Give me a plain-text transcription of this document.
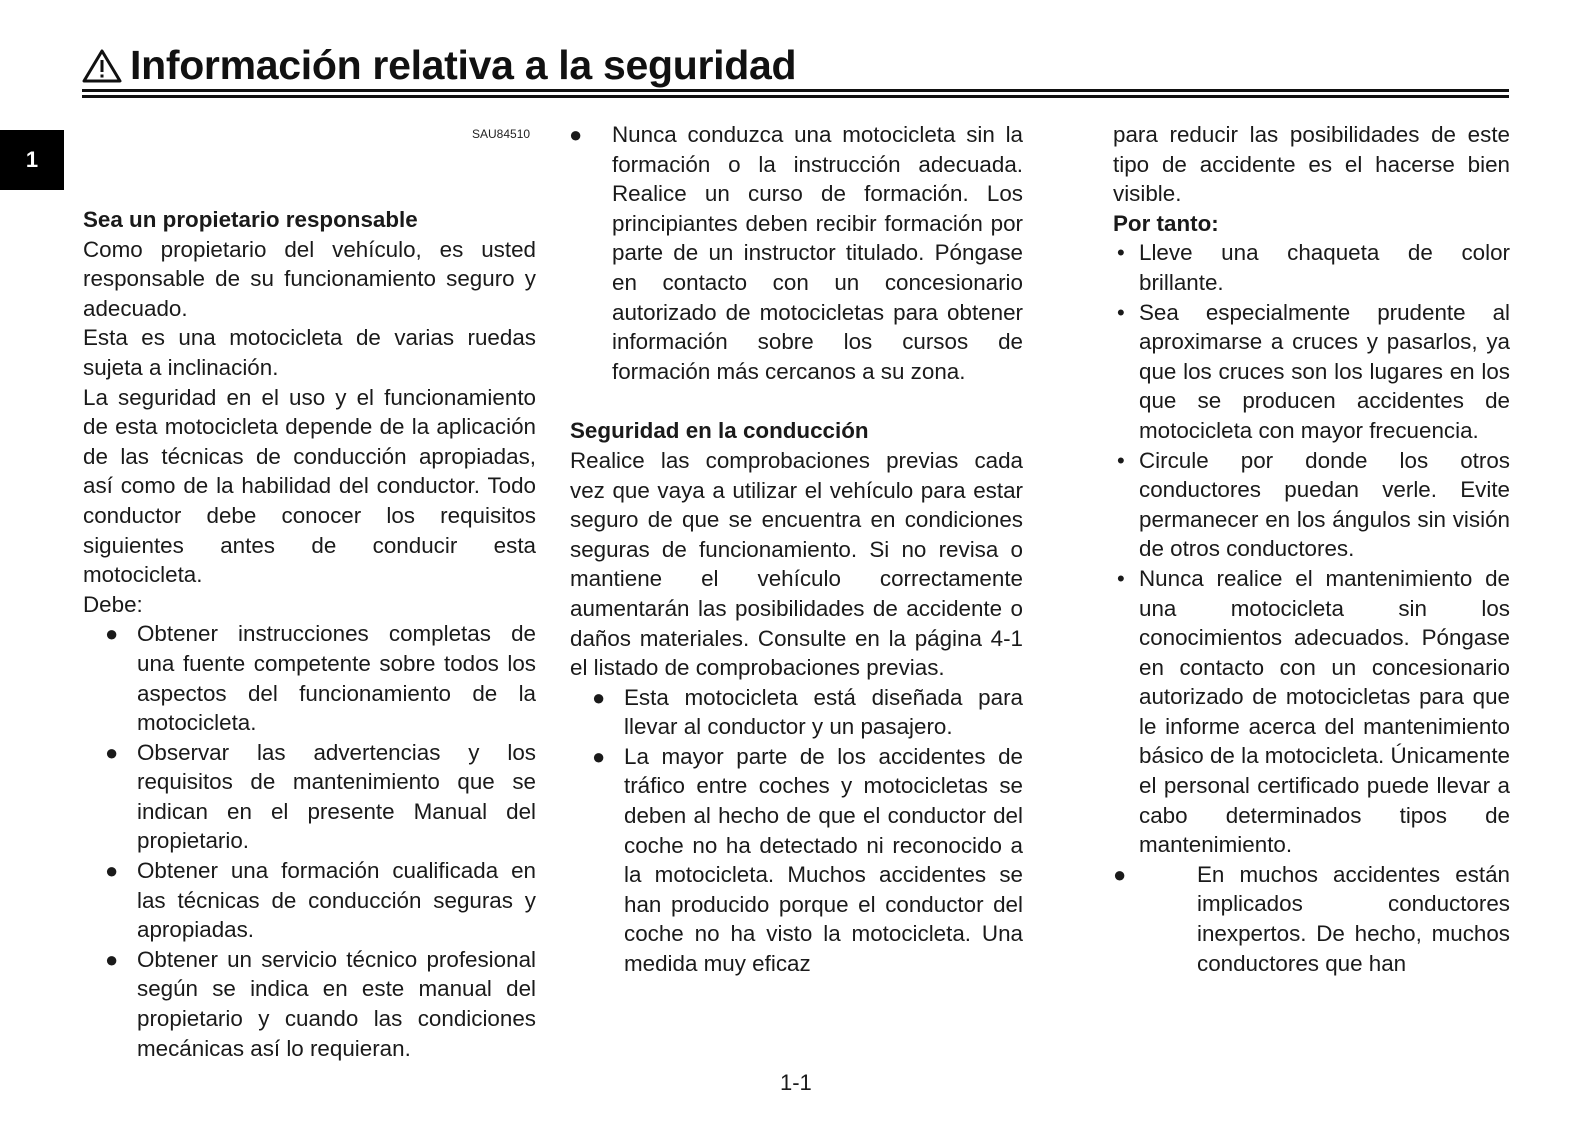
Información relativa a la seguridad
1
SAU84510

Sea un propietario responsable

Como propietario del vehículo, es usted responsable de su funcionamiento seguro y adecuado.

Esta es una motocicleta de varias ruedas sujeta a inclinación.

La seguridad en el uso y el funcionamiento de esta motocicleta depende de la aplicación de las técnicas de conducción apropiadas, así como de la habilidad del conductor. Todo conductor debe conocer los requisitos siguientes antes de conducir esta motocicleta.

Debe:

● Obtener instrucciones completas de una fuente competente sobre todos los aspectos del funcionamiento de la motocicleta.

● Observar las advertencias y los requisitos de mantenimiento que se indican en el presente Manual del propietario.

● Obtener una formación cualificada en las técnicas de conducción seguras y apropiadas.

● Obtener un servicio técnico profesional según se indica en este manual del propietario y cuando las condiciones mecánicas así lo requieran.

● Nunca conduzca una motocicleta sin la formación o la instrucción adecuada. Realice un curso de formación. Los principiantes deben recibir formación por parte de un instructor titulado. Póngase en contacto con un concesionario autorizado de motocicletas para obtener información sobre los cursos de formación más cercanos a su zona.

Seguridad en la conducción

Realice las comprobaciones previas cada vez que vaya a utilizar el vehículo para estar seguro de que se encuentra en condiciones seguras de funcionamiento. Si no revisa o mantiene el vehículo correctamente aumentarán las posibilidades de accidente o daños materiales. Consulte en la página 4-1 el listado de comprobaciones previas.

● Esta motocicleta está diseñada para llevar al conductor y un pasajero.

● La mayor parte de los accidentes de tráfico entre coches y motocicletas se deben al hecho de que el conductor del coche no ha detectado ni reconocido a la motocicleta. Muchos accidentes se han producido porque el conductor del coche no ha visto la motocicleta. Una medida muy eficaz

para reducir las posibilidades de este tipo de accidente es el hacerse bien visible.

Por tanto:

• Lleve una chaqueta de color brillante.

• Sea especialmente prudente al aproximarse a cruces y pasarlos, ya que los cruces son los lugares en los que se producen accidentes de motocicleta con mayor frecuencia.

• Circule por donde los otros conductores puedan verle. Evite permanecer en los ángulos sin visión de otros conductores.

• Nunca realice el mantenimiento de una motocicleta sin los conocimientos adecuados. Póngase en contacto con un concesionario autorizado de motocicletas para que le informe acerca del mantenimiento básico de la motocicleta. Únicamente el personal certificado puede llevar a cabo determinados tipos de mantenimiento.

●	En muchos accidentes están implicados conductores inexpertos. De hecho, muchos conductores que han

1-1
